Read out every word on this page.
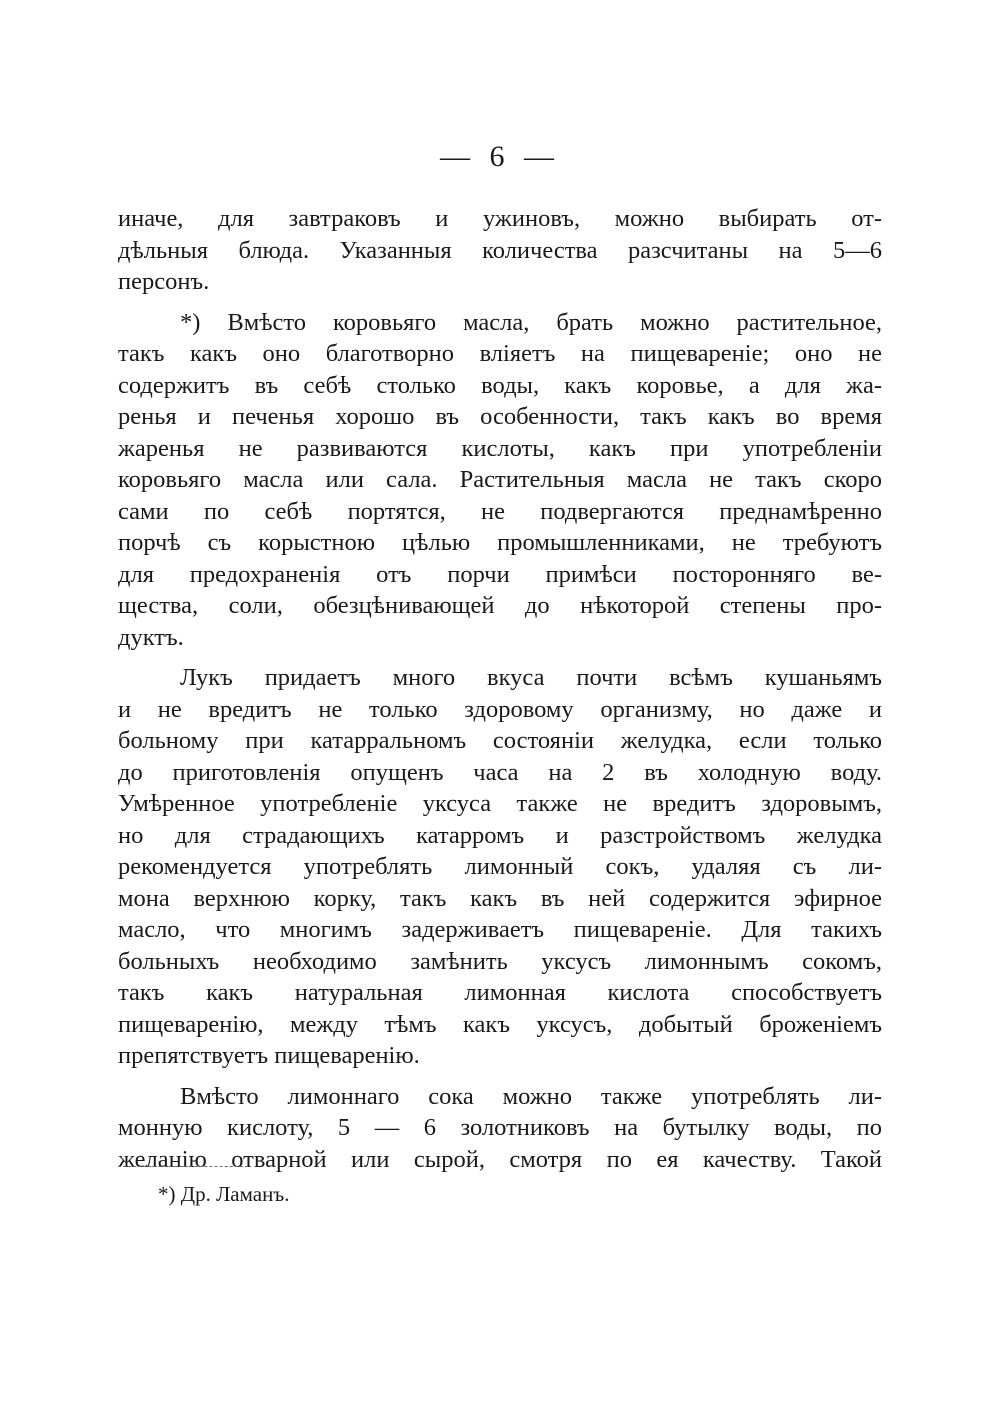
— 6 —
иначе, для завтраковъ и ужиновъ, можно выбирать от-
дѣльныя блюда. Указанныя количества разсчитаны на 5—6
персонъ.
*) Вмѣсто коровьяго масла, брать можно растительное,
такъ какъ оно благотворно вліяетъ на пищевареніе; оно не
содержитъ въ себѣ столько воды, какъ коровье, а для жа-
ренья и печенья хорошо въ особенности, такъ какъ во время
жаренья не развиваются кислоты, какъ при употребленіи
коровьяго масла или сала. Растительныя масла не такъ скоро
сами по себѣ портятся, не подвергаются преднамѣренно
порчѣ съ корыстною цѣлью промышленниками, не требуютъ
для предохраненія отъ порчи примѣси посторонняго ве-
щества, соли, обезцѣнивающей до нѣкоторой степены про-
дуктъ.
Лукъ придаетъ много вкуса почти всѣмъ кушаньямъ
и не вредитъ не только здоровому организму, но даже и
больному при катарральномъ состояніи желудка, если только
до приготовленія опущенъ часа на 2 въ холодную воду.
Умѣренное употребленіе уксуса также не вредитъ здоровымъ,
но для страдающихъ катарромъ и разстройствомъ желудка
рекомендуется употреблять лимонный сокъ, удаляя съ ли-
мона верхнюю корку, такъ какъ въ ней содержится эфирное
масло, что многимъ задерживаетъ пищевареніе. Для такихъ
больныхъ необходимо замѣнить уксусъ лимоннымъ сокомъ,
такъ какъ натуральная лимонная кислота способствуетъ
пищеваренію, между тѣмъ какъ уксусъ, добытый броженіемъ
препятствуетъ пищеваренію.
Вмѣсто лимоннаго сока можно также употреблять ли-
монную кислоту, 5 — 6 золотниковъ на бутылку воды, по
желанію отварной или сырой, смотря по ея качеству. Такой
*) Др. Ламанъ.
